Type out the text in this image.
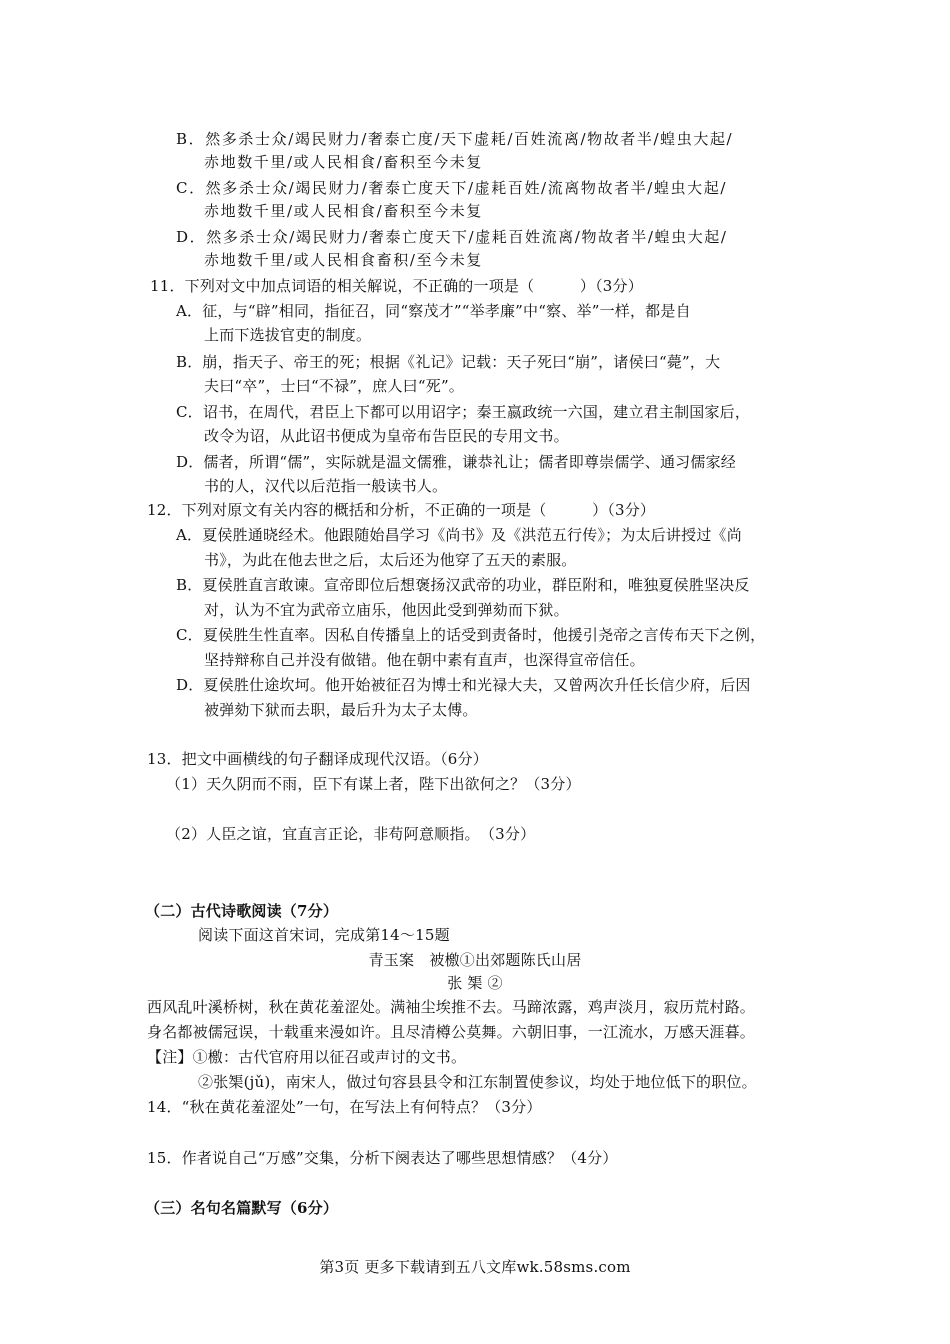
B．然多杀士众/竭民财力/奢泰亡度/天下虚耗/百姓流离/物故者半/蝗虫大起/
赤地数千里/或人民相食/畜积至今未复
C．然多杀士众/竭民财力/奢泰亡度天下/虚耗百姓/流离物故者半/蝗虫大起/
赤地数千里/或人民相食/畜积至今未复
D．然多杀士众/竭民财力/奢泰亡度天下/虚耗百姓流离/物故者半/蝗虫大起/
赤地数千里/或人民相食畜积/至今未复
11．下列对文中加点词语的相关解说，不正确的一项是（　　　）（3分）
A．征，与“辟”相同，指征召，同“察茂才”“举孝廉”中“察、举”一样，都是自
上而下选拔官吏的制度。
B．崩，指天子、帝王的死；根据《礼记》记载：天子死曰“崩”，诸侯曰“薨”，大
夫曰“卒”，士曰“不禄”，庶人曰“死”。
C．诏书，在周代，君臣上下都可以用诏字；秦王嬴政统一六国，建立君主制国家后，
改令为诏，从此诏书便成为皇帝布告臣民的专用文书。
D．儒者，所谓“儒”，实际就是温文儒雅，谦恭礼让；儒者即尊崇儒学、通习儒家经
书的人，汉代以后范指一般读书人。
12．下列对原文有关内容的概括和分析，不正确的一项是（　　　）（3分）
A．夏侯胜通晓经术。他跟随始昌学习《尚书》及《洪范五行传》；为太后讲授过《尚
书》，为此在他去世之后，太后还为他穿了五天的素服。
B．夏侯胜直言敢谏。宣帝即位后想褒扬汉武帝的功业，群臣附和，唯独夏侯胜坚决反
对，认为不宜为武帝立庙乐，他因此受到弹劾而下狱。
C．夏侯胜生性直率。因私自传播皇上的话受到责备时，他援引尧帝之言传布天下之例，
坚持辩称自己并没有做错。他在朝中素有直声，也深得宣帝信任。
D．夏侯胜仕途坎坷。他开始被征召为博士和光禄大夫，又曾两次升任长信少府，后因
被弹劾下狱而去职，最后升为太子太傅。
13．把文中画横线的句子翻译成现代汉语。（6分）
（1）天久阴而不雨，臣下有谋上者，陛下出欲何之？（3分）
（2）人臣之谊，宜直言正论，非苟阿意顺指。　（3分）
（二）古代诗歌阅读（7分）
阅读下面这首宋词，完成第14～15题
青玉案　被檄①出郊题陈氏山居
张 榘 ②
西风乱叶溪桥树，秋在黄花羞涩处。满袖尘埃推不去。马蹄浓露，鸡声淡月，寂历荒村路。
身名都被儒冠误，十载重来漫如许。且尽清樽公莫舞。六朝旧事，一江流水，万感天涯暮。
【注】①檄：古代官府用以征召或声讨的文书。
②张榘(jǔ)，南宋人，做过句容县县令和江东制置使参议，均处于地位低下的职位。
14．“秋在黄花羞涩处”一句，在写法上有何特点？（3分）
15．作者说自己“万感”交集，分析下阕表达了哪些思想情感？（4分）
（三）名句名篇默写（6分）
第3页 更多下载请到五八文库wk.58sms.com
